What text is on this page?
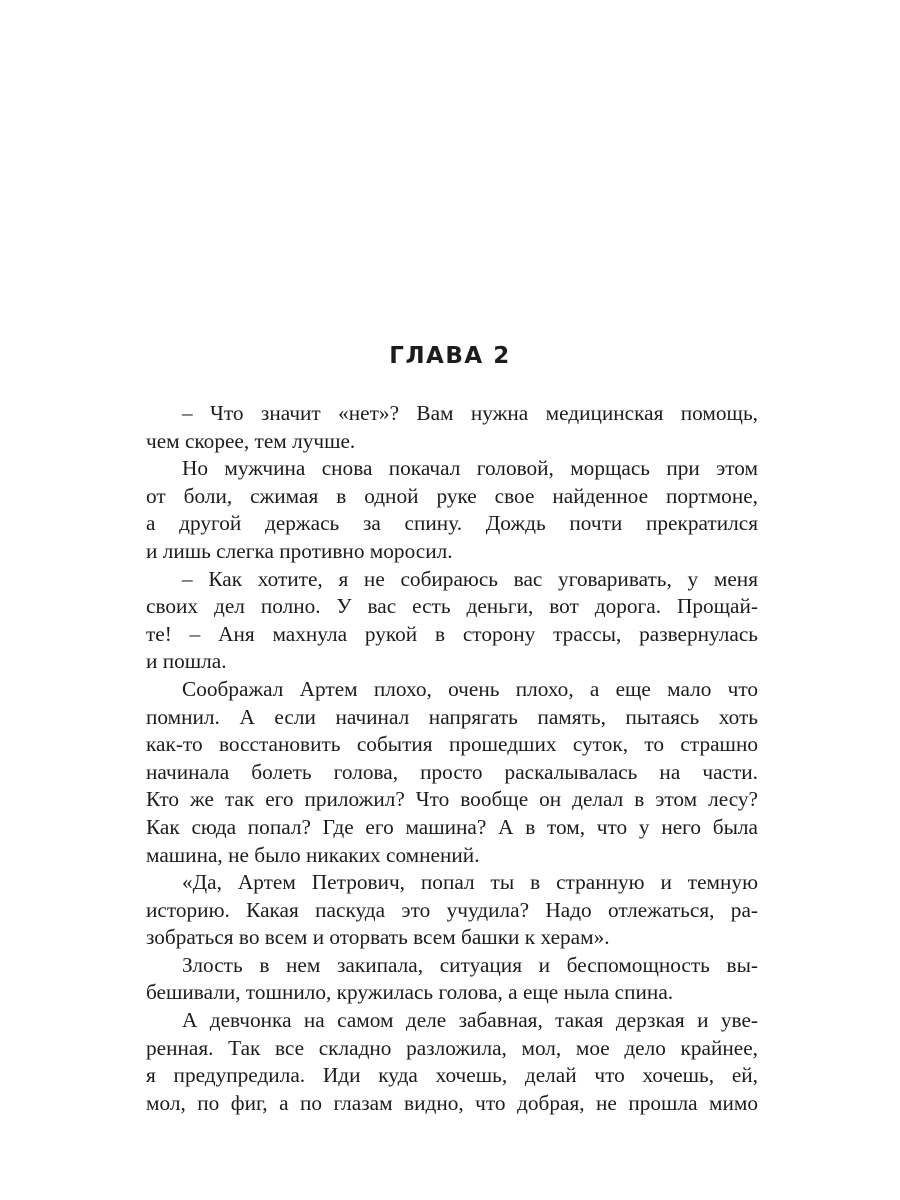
ГЛАВА 2
– Что значит «нет»? Вам нужна медицинская помощь,
чем скорее, тем лучше.
Но мужчина снова покачал головой, морщась при этом
от боли, сжимая в одной руке свое найденное портмоне,
а другой держась за спину. Дождь почти прекратился
и лишь слегка противно моросил.
– Как хотите, я не собираюсь вас уговаривать, у меня
своих дел полно. У вас есть деньги, вот дорога. Прощай-
те! – Аня махнула рукой в сторону трассы, развернулась
и пошла.
Соображал Артем плохо, очень плохо, а еще мало что
помнил. А если начинал напрягать память, пытаясь хоть
как-то восстановить события прошедших суток, то страшно
начинала болеть голова, просто раскалывалась на части.
Кто же так его приложил? Что вообще он делал в этом лесу?
Как сюда попал? Где его машина? А в том, что у него была
машина, не было никаких сомнений.
«Да, Артем Петрович, попал ты в странную и темную
историю. Какая паскуда это учудила? Надо отлежаться, ра-
зобраться во всем и оторвать всем башки к херам».
Злость в нем закипала, ситуация и беспомощность вы-
бешивали, тошнило, кружилась голова, а еще ныла спина.
А девчонка на самом деле забавная, такая дерзкая и уве-
ренная. Так все складно разложила, мол, мое дело крайнее,
я предупредила. Иди куда хочешь, делай что хочешь, ей,
мол, по фиг, а по глазам видно, что добрая, не прошла мимо
